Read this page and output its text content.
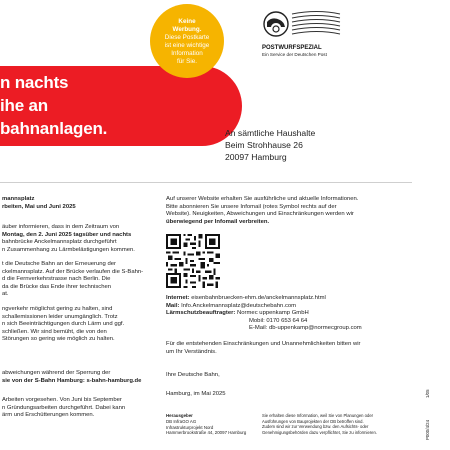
n nachts
ihe an
bahnanlagen.
Keine
Werbung.
Diese Postkarte
ist eine wichtige
Information
für Sie.
POSTWURFSPEZIAL
Ein Service der Deutschen Post
An sämtliche Haushalte
Beim Strohhause 26
20097 Hamburg
mannsplatz
rbeiten, Mai und Juni 2025
äuber informieren, dass in dem Zeitraum von
Montag, den 2. Juni 2025 tagsüber und nachts
bahnbrücke Anckelmannsplatz durchgeführt
n Zusammenhang zu Lärmbelästigungen kommen.
t die Deutsche Bahn an der Erneuerung der
ckelmannsplatz. Auf der Brücke verlaufen die S-Bahn-
d die Fernverkehrstrasse nach Berlin. Die
da die Brücke das Ende ihrer technischen
at.
ngverkehr möglichst gering zu halten, sind
schallemissionen leider unumgänglich. Trotz
n sich Beeinträchtigungen durch Lärm und ggf.
schließen. Wir sind bemüht, die von den
Störungen so gering wie möglich zu halten.
abweichungen während der Sperrung der
sie von der S-Bahn Hamburg: s-bahn-hamburg.de
Arbeiten vorgesehen. Von Juni bis September
n Gründungsarbeiten durchgeführt. Dabei kann
ärm und Erschütterungen kommen.
Auf unserer Website erhalten Sie ausführliche und aktuelle Informationen.
Bitte abonnieren Sie unsere Infomail (rotes Symbol rechts auf der
Website). Neuigkeiten, Abweichungen und Einschränkungen werden wir
überwiegend per Infomail verbreiten.
Internet: eisenbahnbruecken-ehm.de/anckelmannsplatz.html
Mail: Info.Anckelmannsplatz@deutschebahn.com
Lärmschutzbeauftragter: Normec uppenkamp GmbH
Mobil: 0170 653 64 64
E-Mail: db-uppenkamp@normecgroup.com
Für die entstehenden Einschränkungen und Unannehmlichkeiten bitten wir
um Ihr Verständnis.
Ihre Deutsche Bahn,
Hamburg, im Mai 2025
Herausgeber
DB InfraGO AG
Infrastrukturprojekt Nord
Hammerbrookstraße 44, 20097 Hamburg
Sie erhalten diese Information, weil Sie von Planungen oder
Ausführungen von Bauprojekten der DB betroffen sind.
Zudem sind wir zur Verwendung bzw. den Aufsichts- oder
Genehmigungsbehörden dazu verpflichtet, Sie zu informieren.
1/05
P000/4/24
